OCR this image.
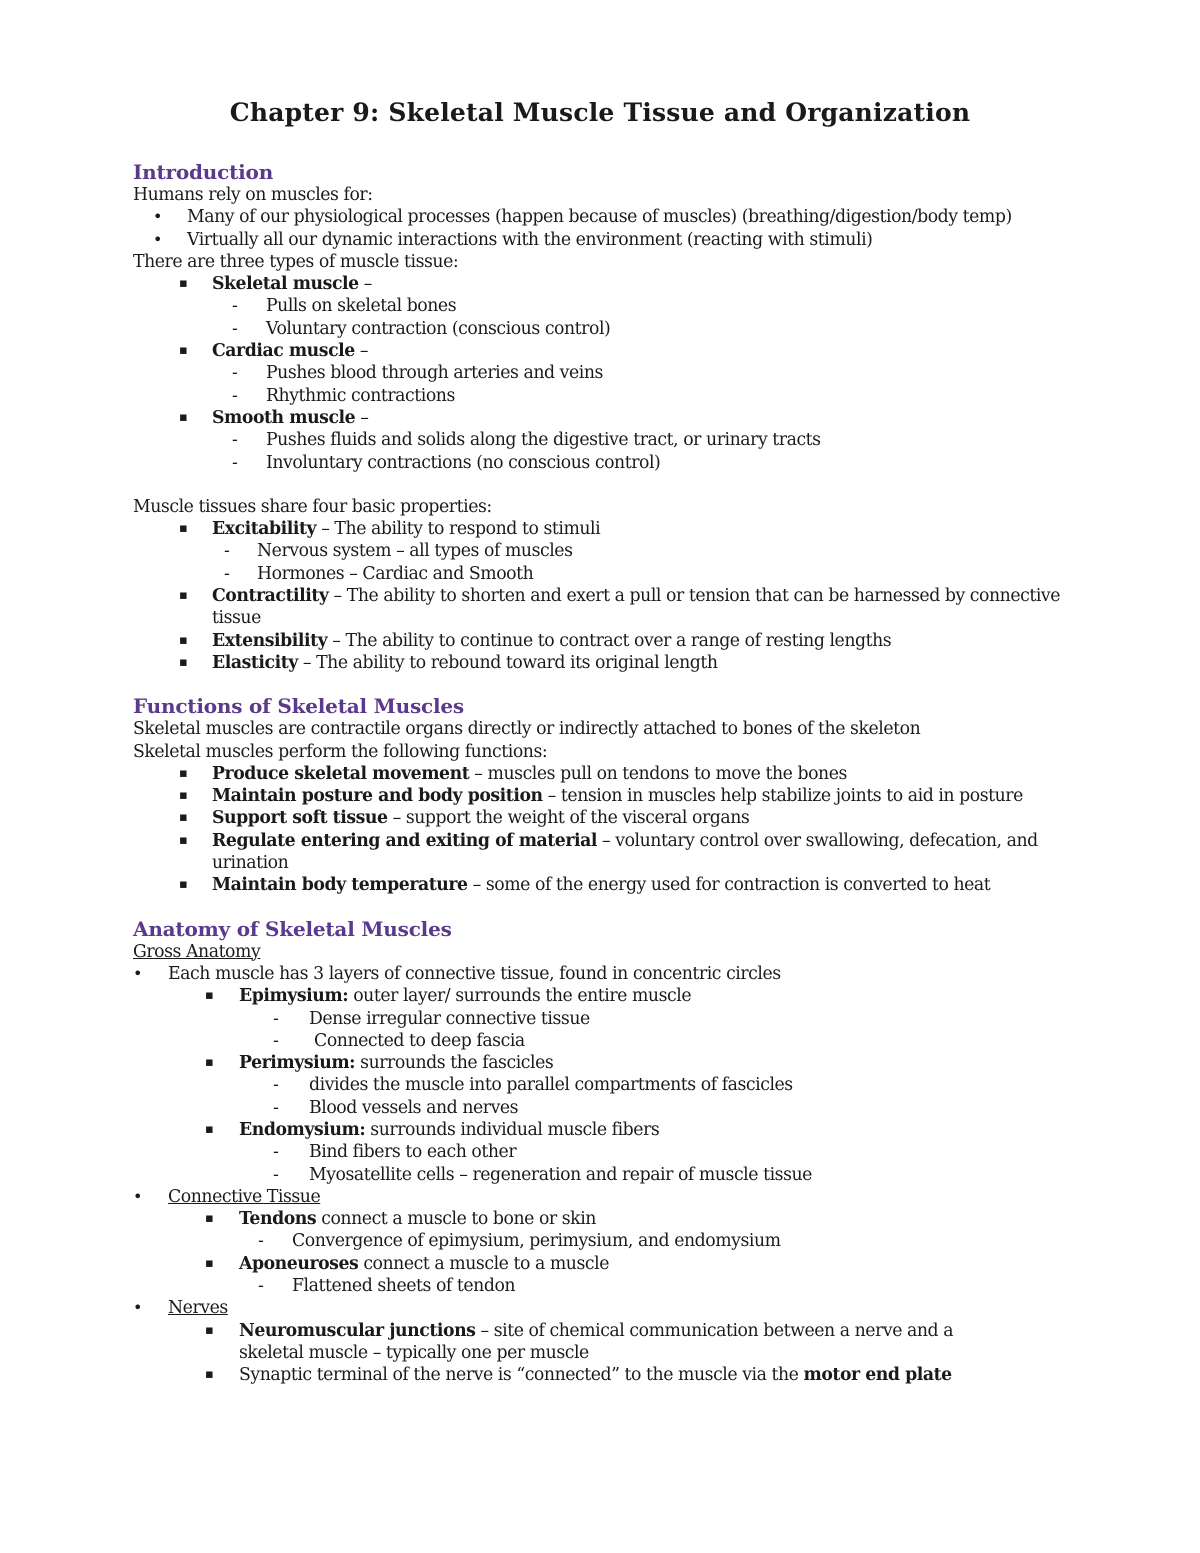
Chapter 9: Skeletal Muscle Tissue and Organization
Introduction
Humans rely on muscles for:
• Many of our physiological processes (happen because of muscles) (breathing/digestion/body temp)
• Virtually all our dynamic interactions with the environment (reacting with stimuli)
There are three types of muscle tissue:
▪ Skeletal muscle –
- Pulls on skeletal bones
- Voluntary contraction (conscious control)
▪ Cardiac muscle –
- Pushes blood through arteries and veins
- Rhythmic contractions
▪ Smooth muscle –
- Pushes fluids and solids along the digestive tract, or urinary tracts
- Involuntary contractions (no conscious control)
Muscle tissues share four basic properties:
▪ Excitability – The ability to respond to stimuli
- Nervous system – all types of muscles
- Hormones – Cardiac and Smooth
▪ Contractility – The ability to shorten and exert a pull or tension that can be harnessed by connective tissue
▪ Extensibility – The ability to continue to contract over a range of resting lengths
▪ Elasticity – The ability to rebound toward its original length
Functions of Skeletal Muscles
Skeletal muscles are contractile organs directly or indirectly attached to bones of the skeleton
Skeletal muscles perform the following functions:
▪ Produce skeletal movement – muscles pull on tendons to move the bones
▪ Maintain posture and body position – tension in muscles help stabilize joints to aid in posture
▪ Support soft tissue – support the weight of the visceral organs
▪ Regulate entering and exiting of material – voluntary control over swallowing, defecation, and urination
▪ Maintain body temperature – some of the energy used for contraction is converted to heat
Anatomy of Skeletal Muscles
Gross Anatomy
• Each muscle has 3 layers of connective tissue, found in concentric circles
▪ Epimysium: outer layer/ surrounds the entire muscle
- Dense irregular connective tissue
- Connected to deep fascia
▪ Perimysium: surrounds the fascicles
- divides the muscle into parallel compartments of fascicles
- Blood vessels and nerves
▪ Endomysium: surrounds individual muscle fibers
- Bind fibers to each other
- Myosatellite cells – regeneration and repair of muscle tissue
• Connective Tissue
▪ Tendons connect a muscle to bone or skin
- Convergence of epimysium, perimysium, and endomysium
▪ Aponeuroses connect a muscle to a muscle
- Flattened sheets of tendon
• Nerves
▪ Neuromuscular junctions – site of chemical communication between a nerve and a skeletal muscle – typically one per muscle
▪ Synaptic terminal of the nerve is “connected” to the muscle via the motor end plate
